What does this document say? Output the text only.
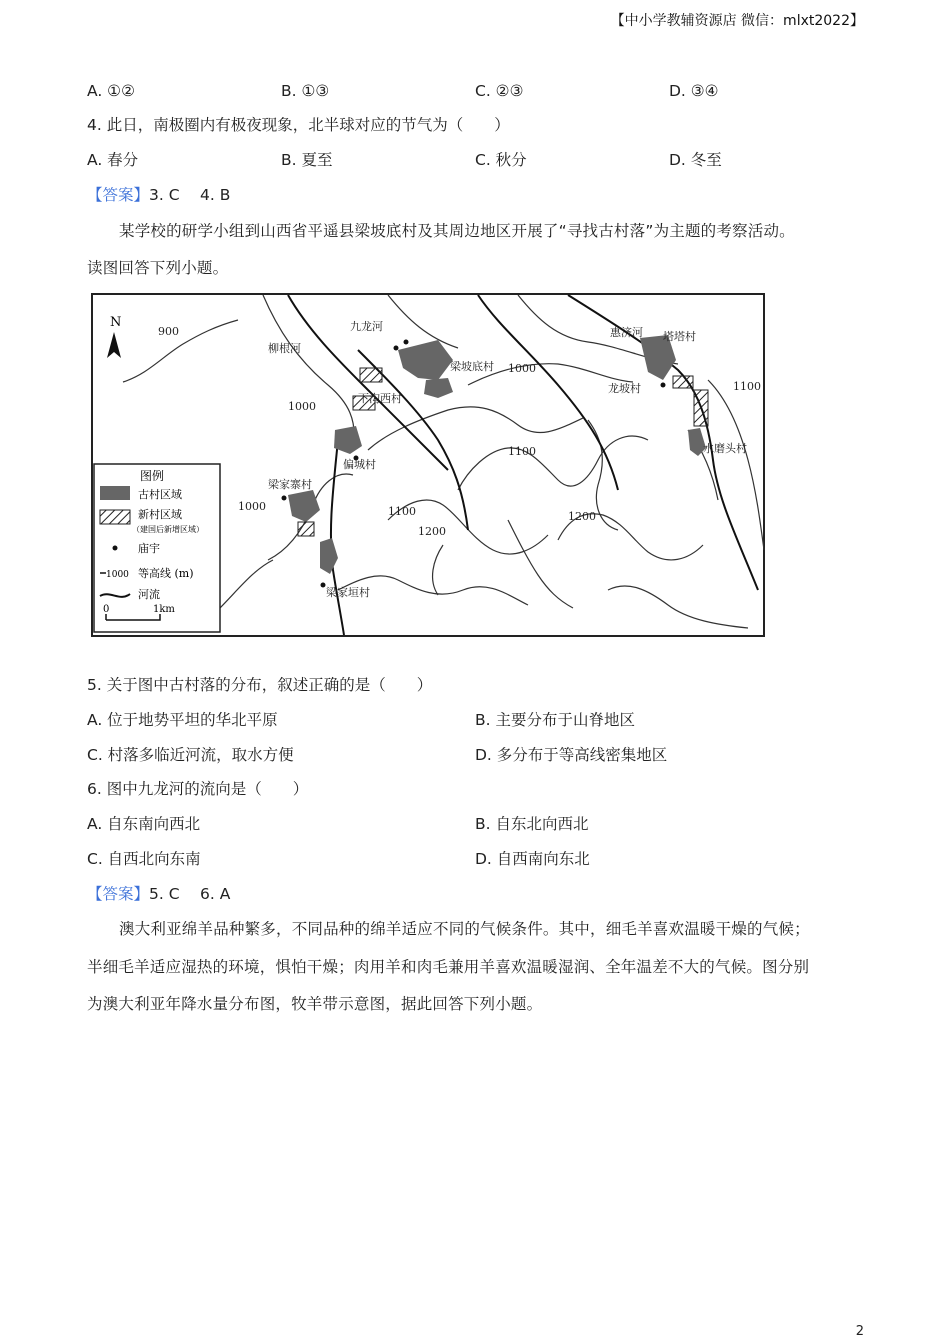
【中小学教辅资源店 微信：mlxt2022】
A. ①②	B. ①③	C. ②③	D. ③④
4. 此日，南极圈内有极夜现象，北半球对应的节气为（　　）
A. 春分	B. 夏至	C. 秋分	D. 冬至
【答案】3. C　 4. B
某学校的研学小组到山西省平遥县梁坡底村及其周边地区开展了“寻找古村落”为主题的考察活动。
读图回答下列小题。
N
900
1000
1000	1100
1100
1200
1200
1100
1000
九龙河
柳根河
惠济河
梁坡底村
下沟西村
偏城村
梁家寨村
梁家垣村
龙坡村
塔塔村
水磨头村
图例
古村区域
新村区域
（建国后新增区域）
庙宇
1000 等高线 (m)
河流
0	1km
5. 关于图中古村落的分布，叙述正确的是（　　）
A. 位于地势平坦的华北平原	B. 主要分布于山脊地区
C. 村落多临近河流，取水方便	D. 多分布于等高线密集地区
6. 图中九龙河的流向是（　　）
A. 自东南向西北	B. 自东北向西北
C. 自西北向东南	D. 自西南向东北
【答案】5. C　 6. A
澳大利亚绵羊品种繁多，不同品种的绵羊适应不同的气候条件。其中，细毛羊喜欢温暖干燥的气候；
半细毛羊适应湿热的环境，惧怕干燥；肉用羊和肉毛兼用羊喜欢温暖湿润、全年温差不大的气候。图分别
为澳大利亚年降水量分布图，牧羊带示意图，据此回答下列小题。
2
